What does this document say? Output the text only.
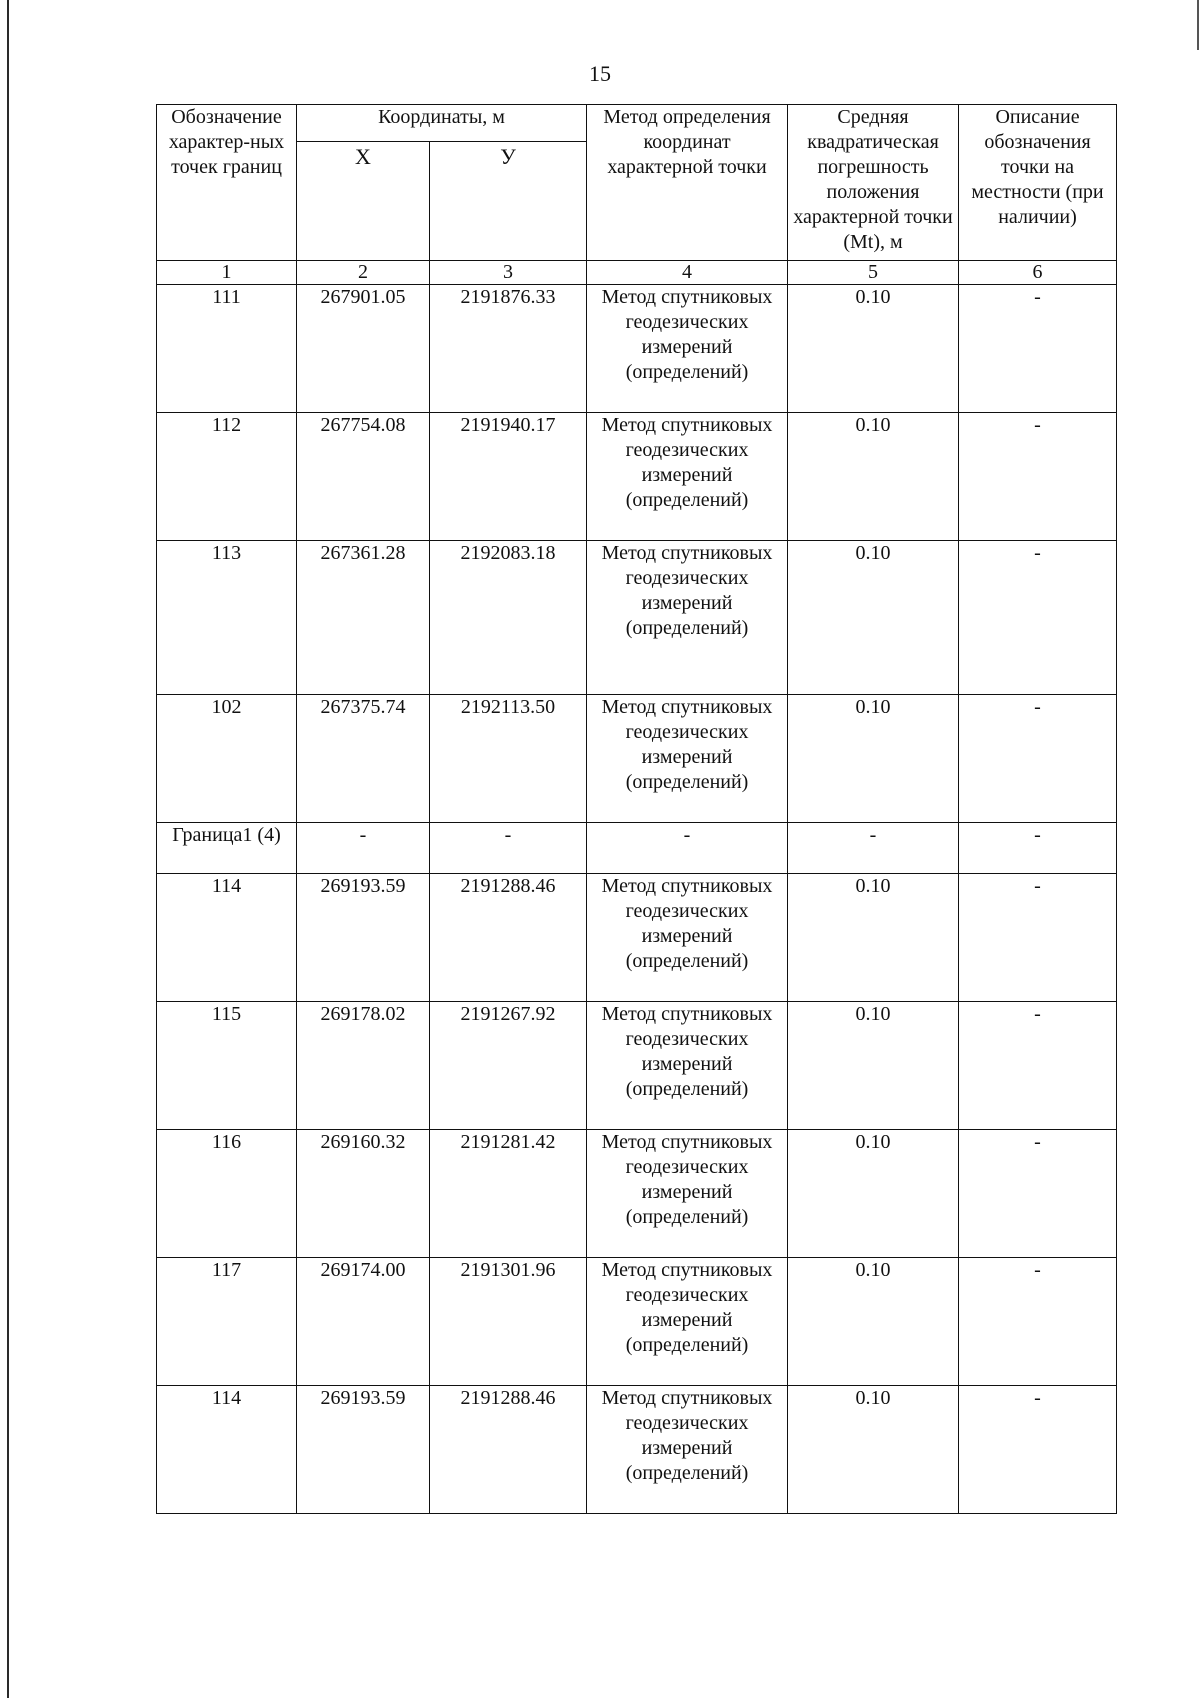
15
Обозначение характер-ных точек границ	Координаты, м		Метод определения координат характерной точки	Средняя квадратическая погрешность положения характерной точки (Mt), м	Описание обозначения точки на местности (при наличии)
	Х	У			
1	2	3	4	5	6
111	267901.05	2191876.33	Метод спутниковых геодезических измерений (определений)	0.10	-
112	267754.08	2191940.17	Метод спутниковых геодезических измерений (определений)	0.10	-
113	267361.28	2192083.18	Метод спутниковых геодезических измерений (определений)	0.10	-
102	267375.74	2192113.50	Метод спутниковых геодезических измерений (определений)	0.10	-
Граница1 (4)	-	-	-	-	-
114	269193.59	2191288.46	Метод спутниковых геодезических измерений (определений)	0.10	-
115	269178.02	2191267.92	Метод спутниковых геодезических измерений (определений)	0.10	-
116	269160.32	2191281.42	Метод спутниковых геодезических измерений (определений)	0.10	-
117	269174.00	2191301.96	Метод спутниковых геодезических измерений (определений)	0.10	-
114	269193.59	2191288.46	Метод спутниковых геодезических измерений (определений)	0.10	-
